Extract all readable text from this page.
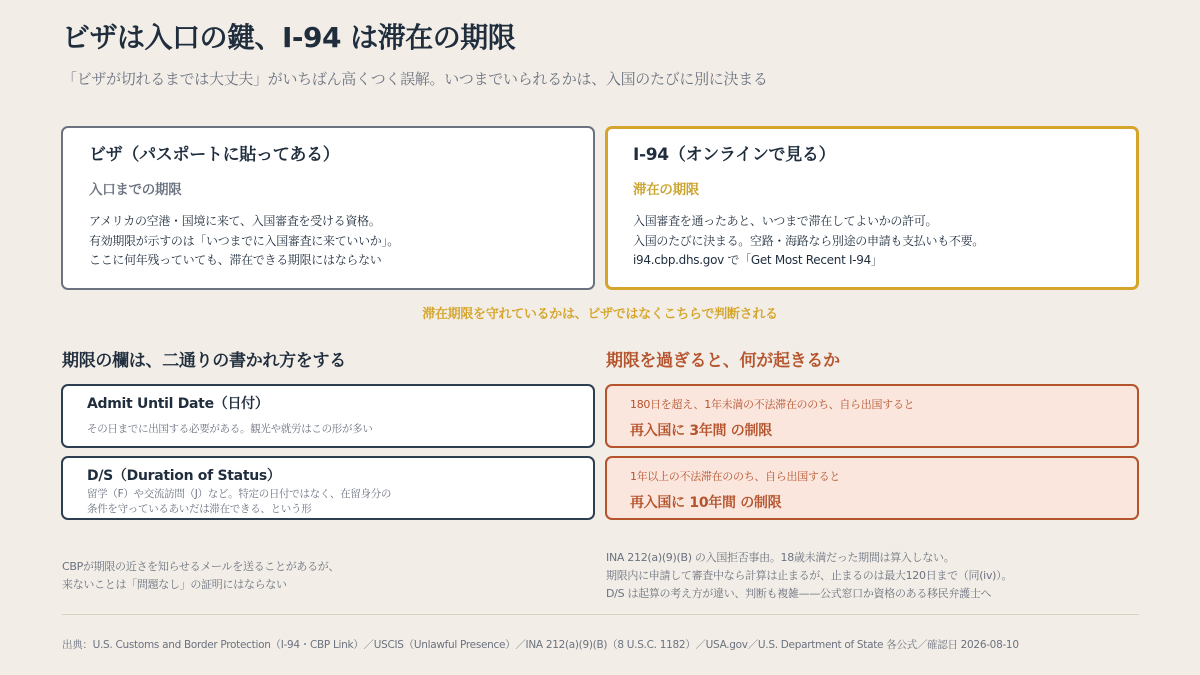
ビザは入口の鍵、I-94 は滞在の期限
「ビザが切れるまでは大丈夫」がいちばん高くつく誤解。いつまでいられるかは、入国のたびに別に決まる
ビザ（パスポートに貼ってある）
入口までの期限
アメリカの空港・国境に来て、入国審査を受ける資格。
有効期限が示すのは「いつまでに入国審査に来ていいか」。
ここに何年残っていても、滞在できる期限にはならない
I-94（オンラインで見る）
滞在の期限
入国審査を通ったあと、いつまで滞在してよいかの許可。
入国のたびに決まる。空路・海路なら別途の申請も支払いも不要。
i94.cbp.dhs.gov で「Get Most Recent I-94」
滞在期限を守れているかは、ビザではなくこちらで判断される
期限の欄は、二通りの書かれ方をする	期限を過ぎると、何が起きるか
Admit Until Date（日付）
その日までに出国する必要がある。観光や就労はこの形が多い
D/S（Duration of Status）
留学（F）や交流訪問（J）など。特定の日付ではなく、在留身分の
条件を守っているあいだは滞在できる、という形
180日を超え、1年未満の不法滞在ののち、自ら出国すると
再入国に 3年間 の制限
1年以上の不法滞在ののち、自ら出国すると
再入国に 10年間 の制限
CBPが期限の近さを知らせるメールを送ることがあるが、
来ないことは「問題なし」の証明にはならない
INA 212(a)(9)(B) の入国拒否事由。18歳未満だった期間は算入しない。
期限内に申請して審査中なら計算は止まるが、止まるのは最大120日まで（同(iv)）。
D/S は起算の考え方が違い、判断も複雑——公式窓口か資格のある移民弁護士へ
出典：U.S. Customs and Border Protection（I-94・CBP Link）／USCIS（Unlawful Presence）／INA 212(a)(9)(B)（8 U.S.C. 1182）／USA.gov／U.S. Department of State 各公式／確認日 2026-08-10
